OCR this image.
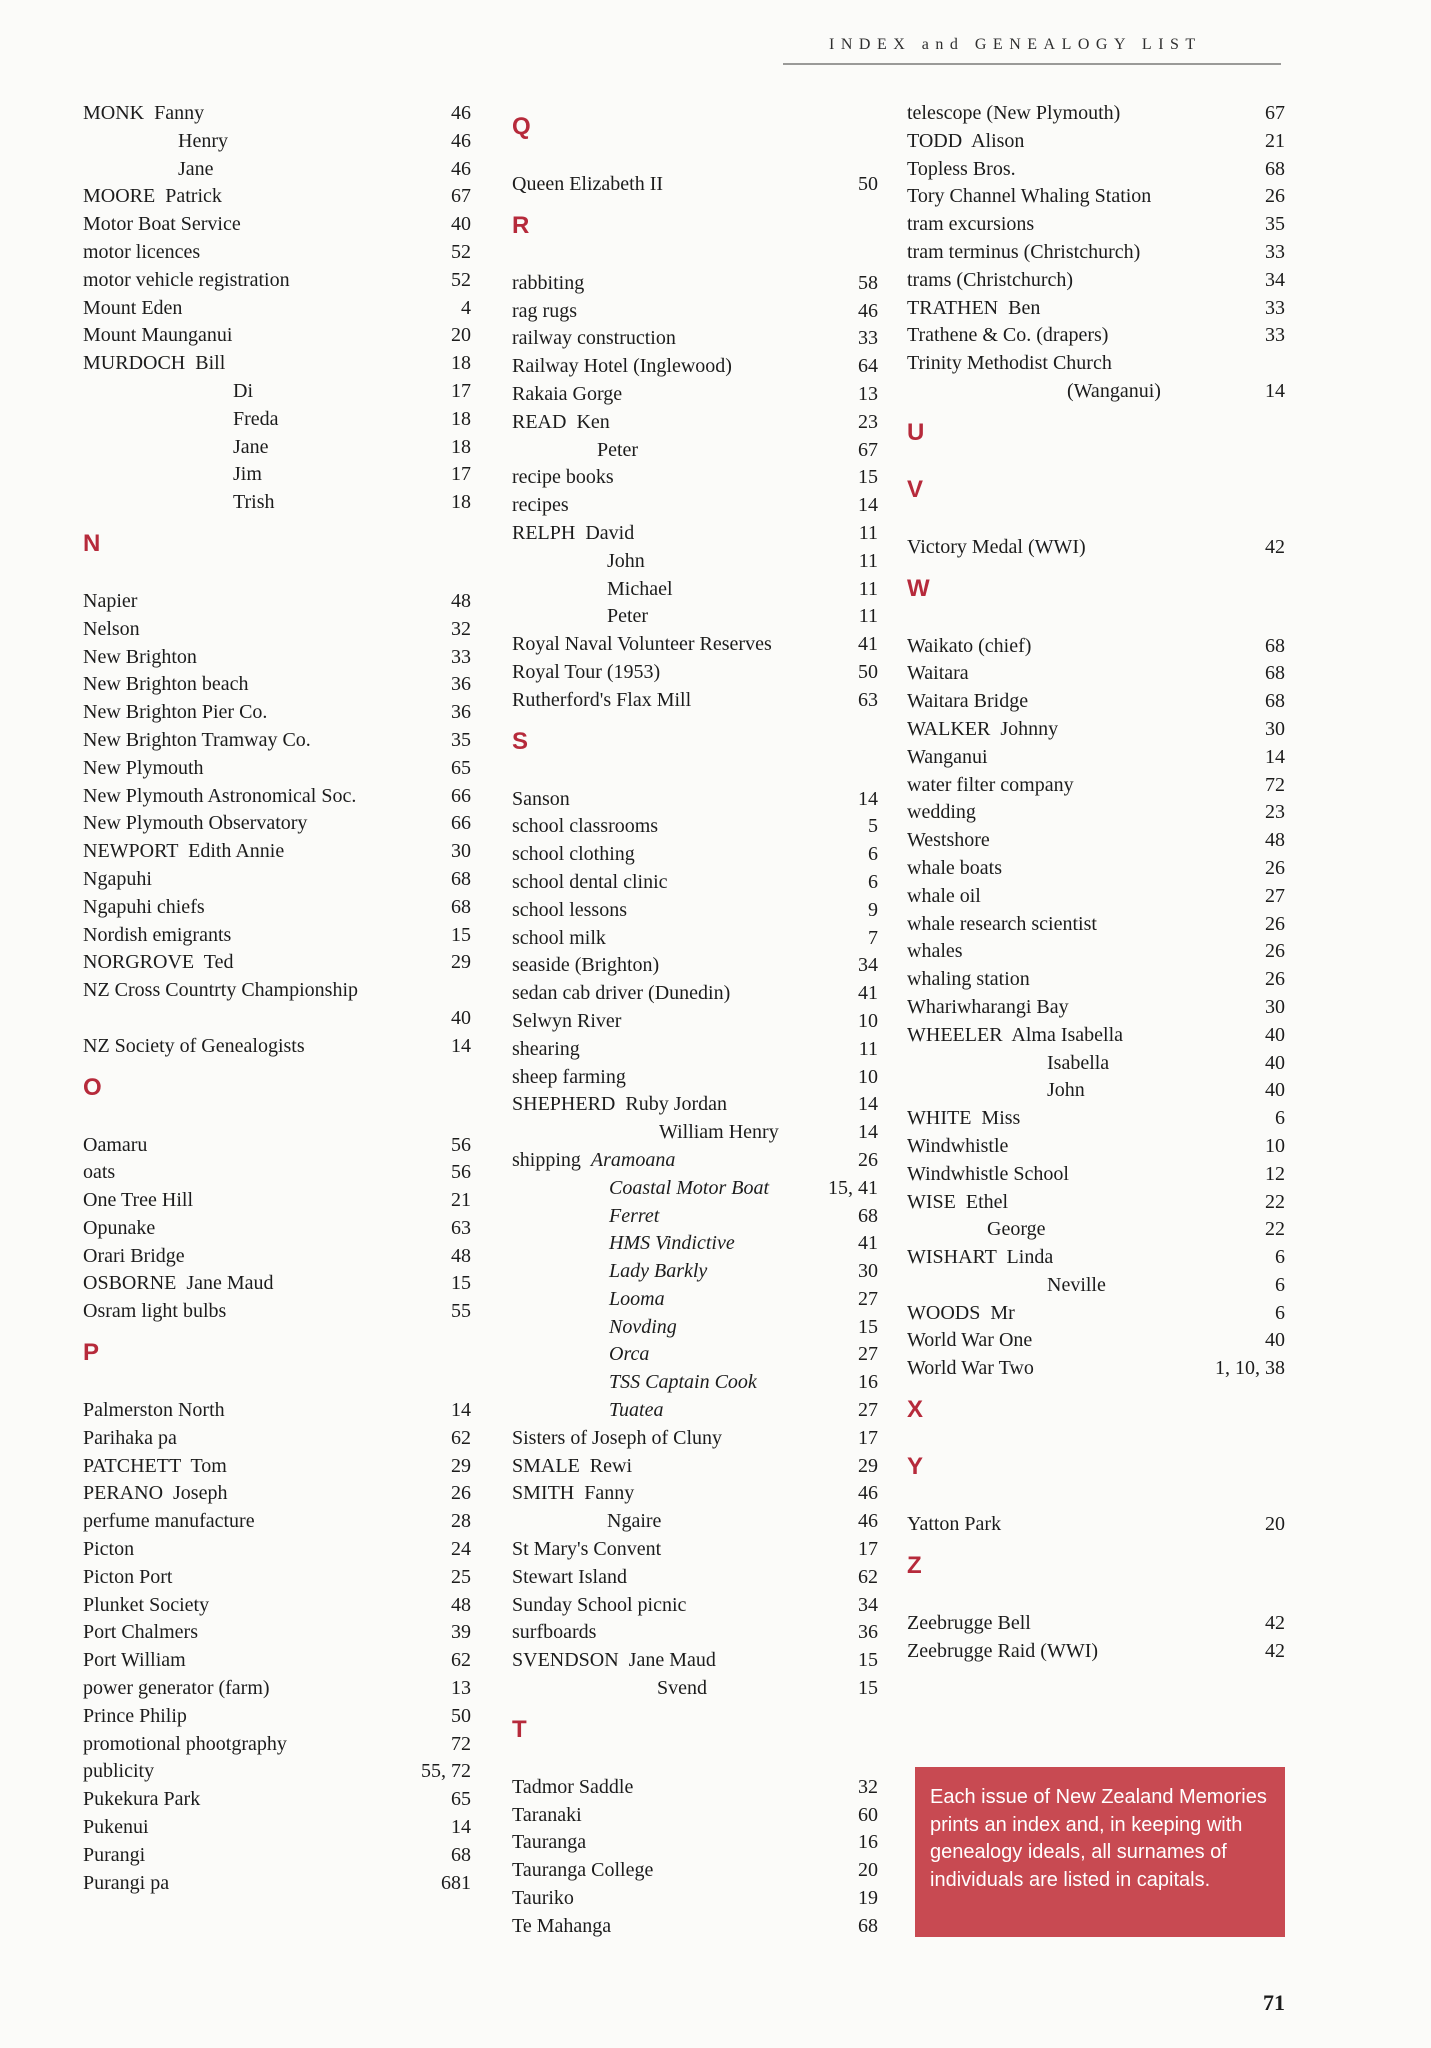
INDEX and GENEALOGY LIST
MONK  Fanny	46
Henry	46
Jane	46
MOORE  Patrick	67
Motor Boat Service	40
motor licences	52
motor vehicle registration	52
Mount Eden	4
Mount Maunganui	20
MURDOCH  Bill	18
Di	17
Freda	18
Jane	18
Jim	17
Trish	18
N
Napier	48
Nelson	32
New Brighton	33
New Brighton beach	36
New Brighton Pier Co.	36
New Brighton Tramway Co.	35
New Plymouth	65
New Plymouth Astronomical Soc.	66
New Plymouth Observatory	66
NEWPORT  Edith Annie	30
Ngapuhi	68
Ngapuhi chiefs	68
Nordish emigrants	15
NORGROVE  Ted	29
NZ Cross Countrty Championship
40
NZ Society of Genealogists	14
O
Oamaru	56
oats	56
One Tree Hill	21
Opunake	63
Orari Bridge	48
OSBORNE  Jane Maud	15
Osram light bulbs	55
P
Palmerston North	14
Parihaka pa	62
PATCHETT  Tom	29
PERANO  Joseph	26
perfume manufacture	28
Picton	24
Picton Port	25
Plunket Society	48
Port Chalmers	39
Port William	62
power generator (farm)	13
Prince Philip	50
promotional phootgraphy	72
publicity	55, 72
Pukekura Park	65
Pukenui	14
Purangi	68
Purangi pa	681
Q
Queen Elizabeth II	50
R
rabbiting	58
rag rugs	46
railway construction	33
Railway Hotel (Inglewood)	64
Rakaia Gorge	13
READ  Ken	23
Peter	67
recipe books	15
recipes	14
RELPH  David	11
John	11
Michael	11
Peter	11
Royal Naval Volunteer Reserves	41
Royal Tour (1953)	50
Rutherford's Flax Mill	63
S
Sanson	14
school classrooms	5
school clothing	6
school dental clinic	6
school lessons	9
school milk	7
seaside (Brighton)	34
sedan cab driver (Dunedin)	41
Selwyn River	10
shearing	11
sheep farming	10
SHEPHERD  Ruby Jordan	14
William Henry	14
shipping  Aramoana	26
Coastal Motor Boat	15, 41
Ferret	68
HMS Vindictive	41
Lady Barkly	30
Looma	27
Novding	15
Orca	27
TSS Captain Cook	16
Tuatea	27
Sisters of Joseph of Cluny	17
SMALE  Rewi	29
SMITH  Fanny	46
Ngaire	46
St Mary's Convent	17
Stewart Island	62
Sunday School picnic	34
surfboards	36
SVENDSON  Jane Maud	15
Svend	15
T
Tadmor Saddle	32
Taranaki	60
Tauranga	16
Tauranga College	20
Tauriko	19
Te Mahanga	68
telescope (New Plymouth)	67
TODD  Alison	21
Topless Bros.	68
Tory Channel Whaling Station	26
tram excursions	35
tram terminus (Christchurch)	33
trams (Christchurch)	34
TRATHEN  Ben	33
Trathene & Co. (drapers)	33
Trinity Methodist Church
(Wanganui)	14
U
V
Victory Medal (WWI)	42
W
Waikato (chief)	68
Waitara	68
Waitara Bridge	68
WALKER  Johnny	30
Wanganui	14
water filter company	72
wedding	23
Westshore	48
whale boats	26
whale oil	27
whale research scientist	26
whales	26
whaling station	26
Whariwharangi Bay	30
WHEELER  Alma Isabella	40
Isabella	40
John	40
WHITE  Miss	6
Windwhistle	10
Windwhistle School	12
WISE  Ethel	22
George	22
WISHART  Linda	6
Neville	6
WOODS  Mr	6
World War One	40
World War Two	1, 10, 38
X
Y
Yatton Park	20
Z
Zeebrugge Bell	42
Zeebrugge Raid (WWI)	42
Each issue of New Zealand Memories prints an index and, in keeping with genealogy ideals, all surnames of individuals are listed in capitals.
71
